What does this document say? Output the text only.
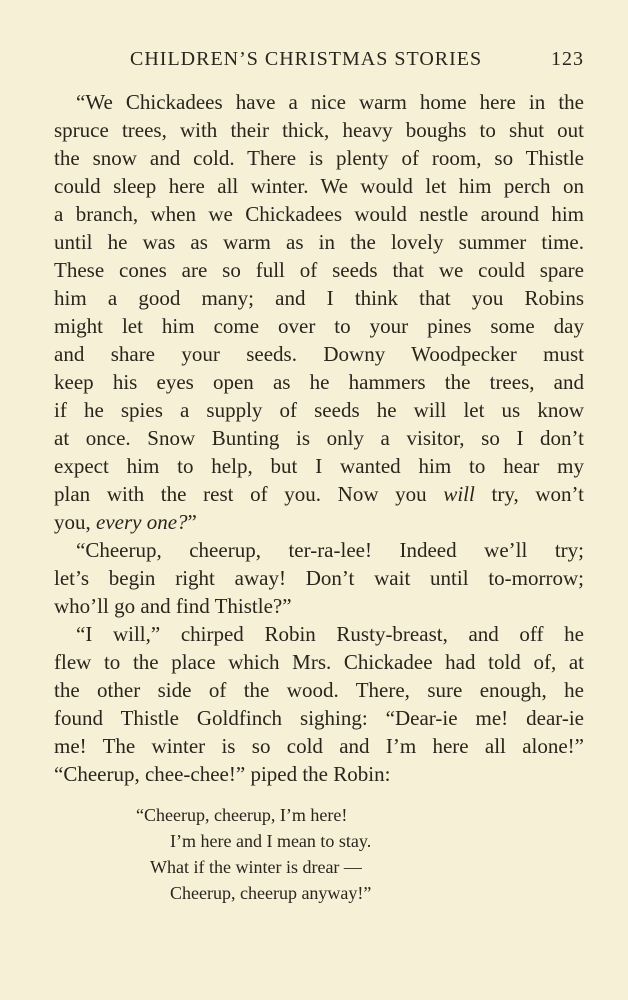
CHILDREN’S CHRISTMAS STORIES	123
“We Chickadees have a nice warm home here in the
spruce trees, with their thick, heavy boughs to shut out
the snow and cold. There is plenty of room, so Thistle
could sleep here all winter. We would let him perch on
a branch, when we Chickadees would nestle around him
until he was as warm as in the lovely summer time.
These cones are so full of seeds that we could spare
him a good many; and I think that you Robins
might let him come over to your pines some day
and share your seeds. Downy Woodpecker must
keep his eyes open as he hammers the trees, and
if he spies a supply of seeds he will let us know
at once. Snow Bunting is only a visitor, so I don’t
expect him to help, but I wanted him to hear my
plan with the rest of you. Now you will try, won’t
you, every one?”
“Cheerup, cheerup, ter-ra-lee! Indeed we’ll try;
let’s begin right away! Don’t wait until to-morrow;
who’ll go and find Thistle?”
“I will,” chirped Robin Rusty-breast, and off he
flew to the place which Mrs. Chickadee had told of, at
the other side of the wood. There, sure enough, he
found Thistle Goldfinch sighing: “Dear-ie me! dear-ie
me! The winter is so cold and I’m here all alone!”
“Cheerup, chee-chee!” piped the Robin:
“Cheerup, cheerup, I’m here!
I’m here and I mean to stay.
What if the winter is drear —
Cheerup, cheerup anyway!”
